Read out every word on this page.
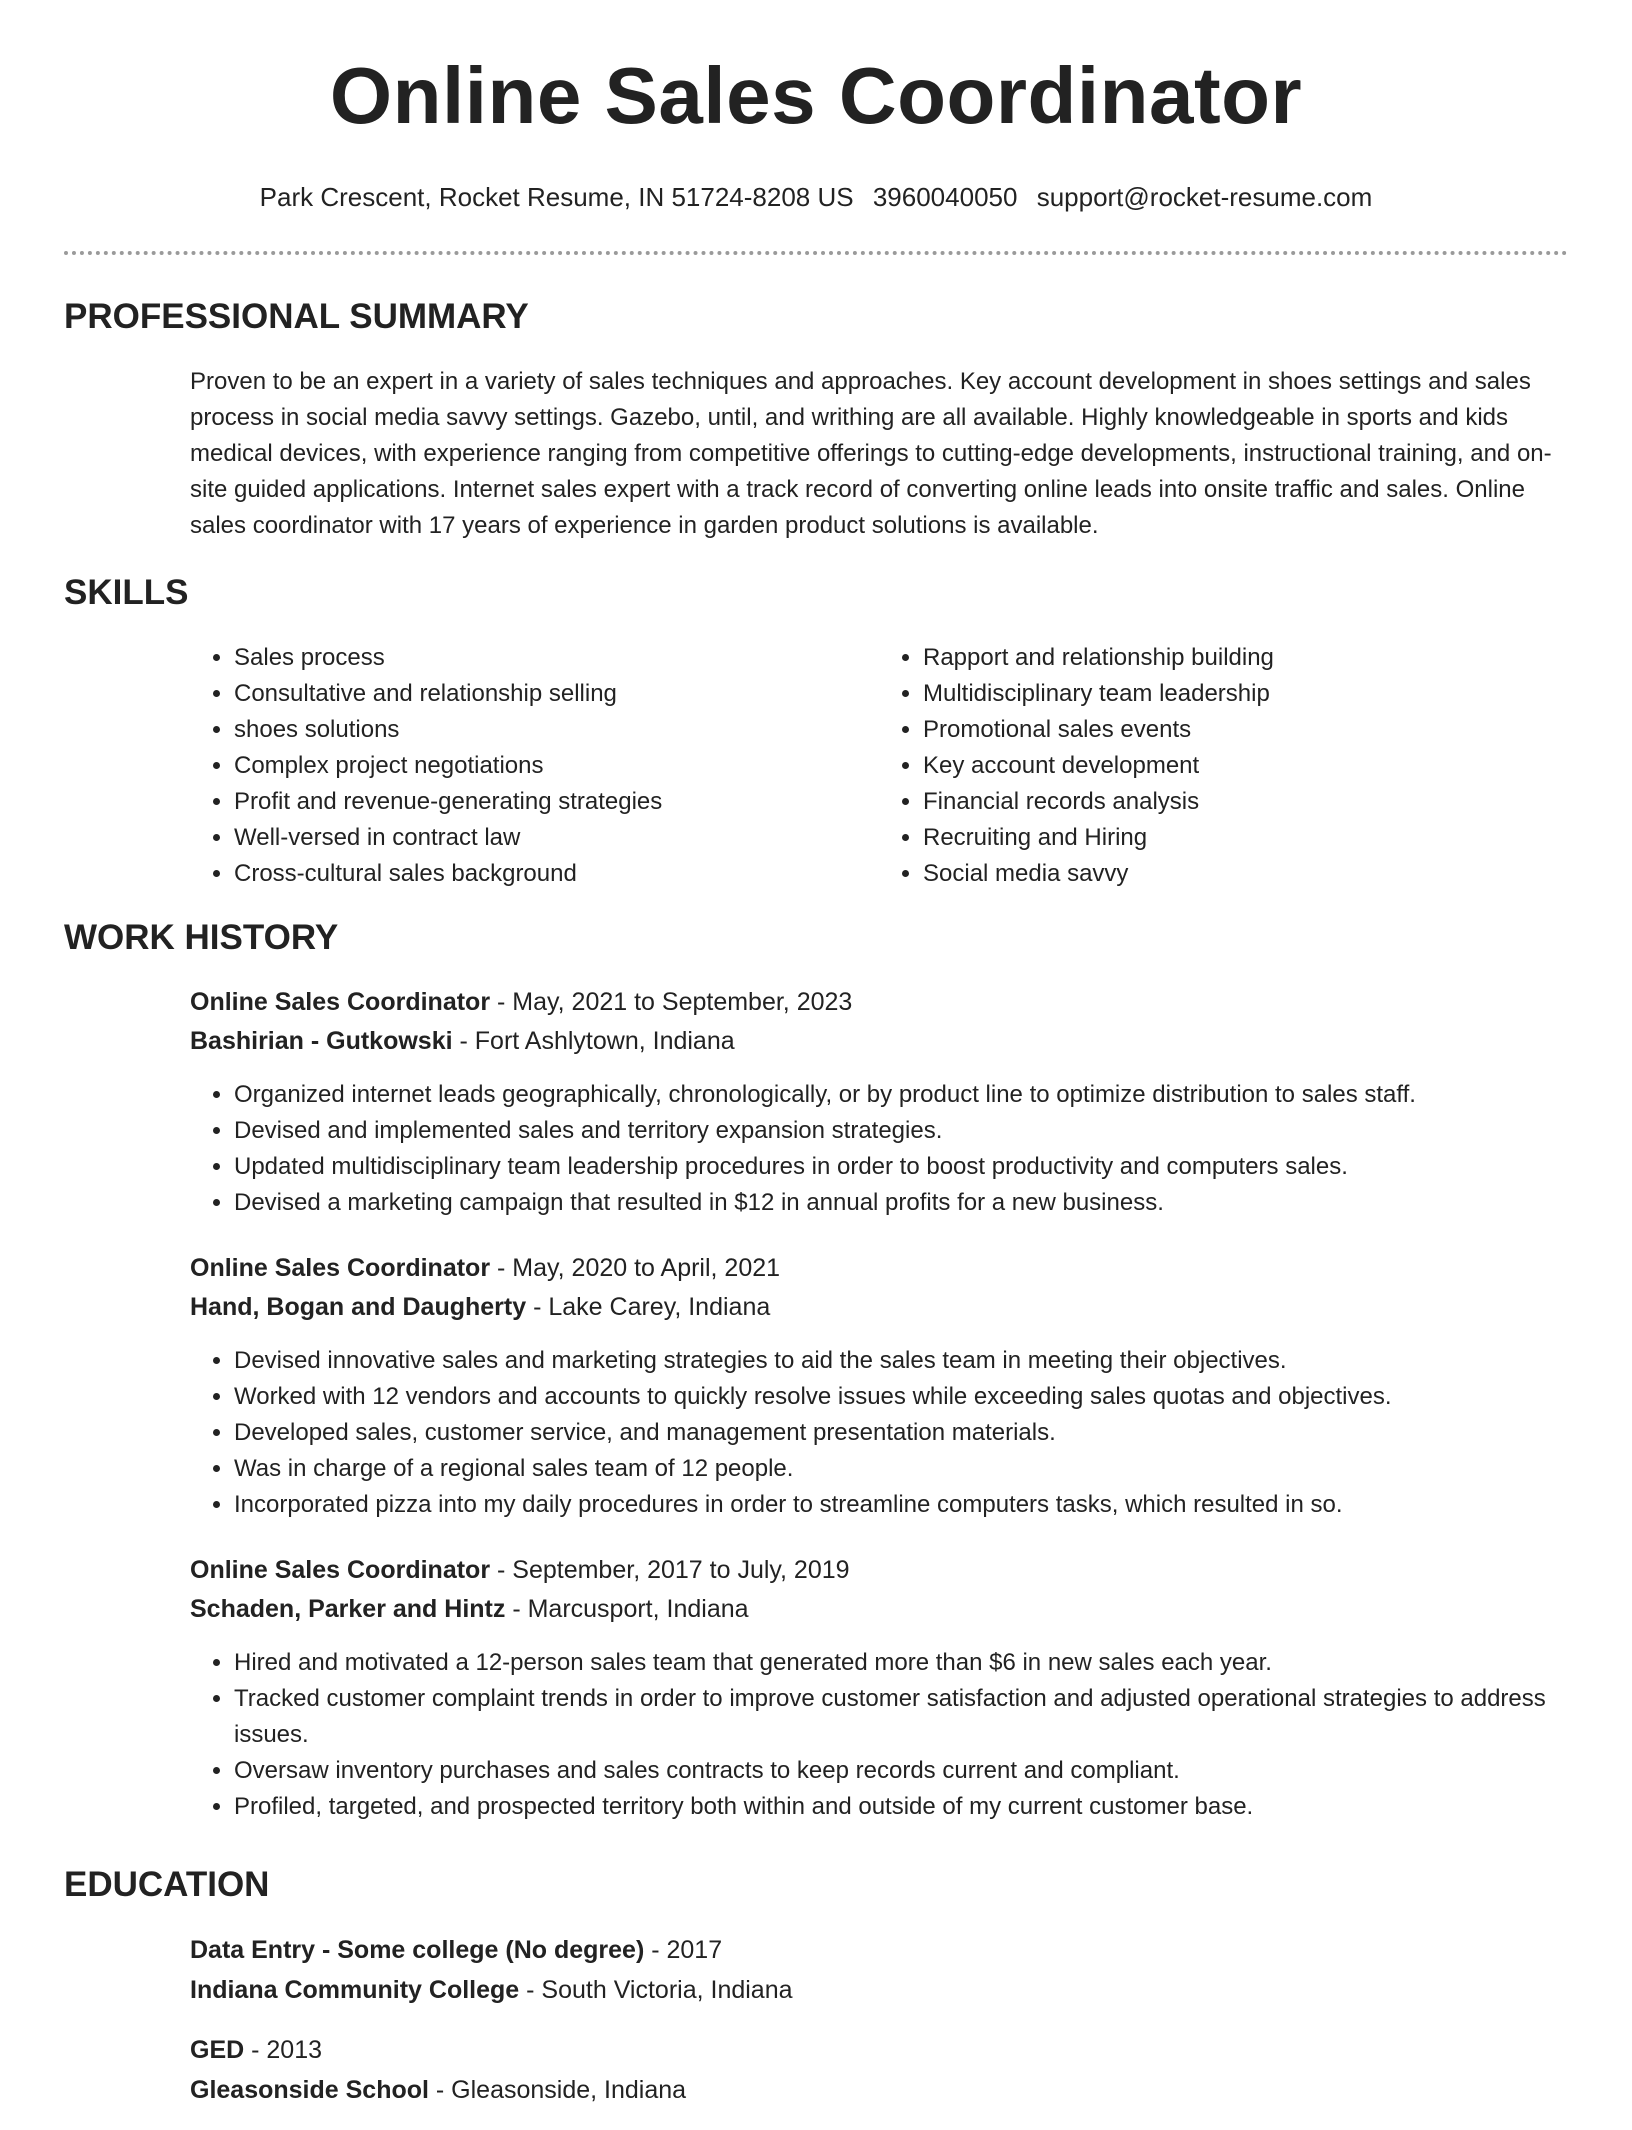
Online Sales Coordinator
Park Crescent, Rocket Resume, IN 51724-8208 US 3960040050 support@rocket-resume.com
PROFESSIONAL SUMMARY
Proven to be an expert in a variety of sales techniques and approaches. Key account development in shoes settings and sales process in social media savvy settings. Gazebo, until, and writhing are all available. Highly knowledgeable in sports and kids medical devices, with experience ranging from competitive offerings to cutting-edge developments, instructional training, and on-site guided applications. Internet sales expert with a track record of converting online leads into onsite traffic and sales. Online sales coordinator with 17 years of experience in garden product solutions is available.
SKILLS
• Sales process
• Consultative and relationship selling
• shoes solutions
• Complex project negotiations
• Profit and revenue-generating strategies
• Well-versed in contract law
• Cross-cultural sales background
• Rapport and relationship building
• Multidisciplinary team leadership
• Promotional sales events
• Key account development
• Financial records analysis
• Recruiting and Hiring
• Social media savvy
WORK HISTORY
Online Sales Coordinator - May, 2021 to September, 2023
Bashirian - Gutkowski - Fort Ashlytown, Indiana
• Organized internet leads geographically, chronologically, or by product line to optimize distribution to sales staff.
• Devised and implemented sales and territory expansion strategies.
• Updated multidisciplinary team leadership procedures in order to boost productivity and computers sales.
• Devised a marketing campaign that resulted in $12 in annual profits for a new business.
Online Sales Coordinator - May, 2020 to April, 2021
Hand, Bogan and Daugherty - Lake Carey, Indiana
• Devised innovative sales and marketing strategies to aid the sales team in meeting their objectives.
• Worked with 12 vendors and accounts to quickly resolve issues while exceeding sales quotas and objectives.
• Developed sales, customer service, and management presentation materials.
• Was in charge of a regional sales team of 12 people.
• Incorporated pizza into my daily procedures in order to streamline computers tasks, which resulted in so.
Online Sales Coordinator - September, 2017 to July, 2019
Schaden, Parker and Hintz - Marcusport, Indiana
• Hired and motivated a 12-person sales team that generated more than $6 in new sales each year.
• Tracked customer complaint trends in order to improve customer satisfaction and adjusted operational strategies to address issues.
• Oversaw inventory purchases and sales contracts to keep records current and compliant.
• Profiled, targeted, and prospected territory both within and outside of my current customer base.
EDUCATION
Data Entry - Some college (No degree) - 2017
Indiana Community College - South Victoria, Indiana
GED - 2013
Gleasonside School - Gleasonside, Indiana
